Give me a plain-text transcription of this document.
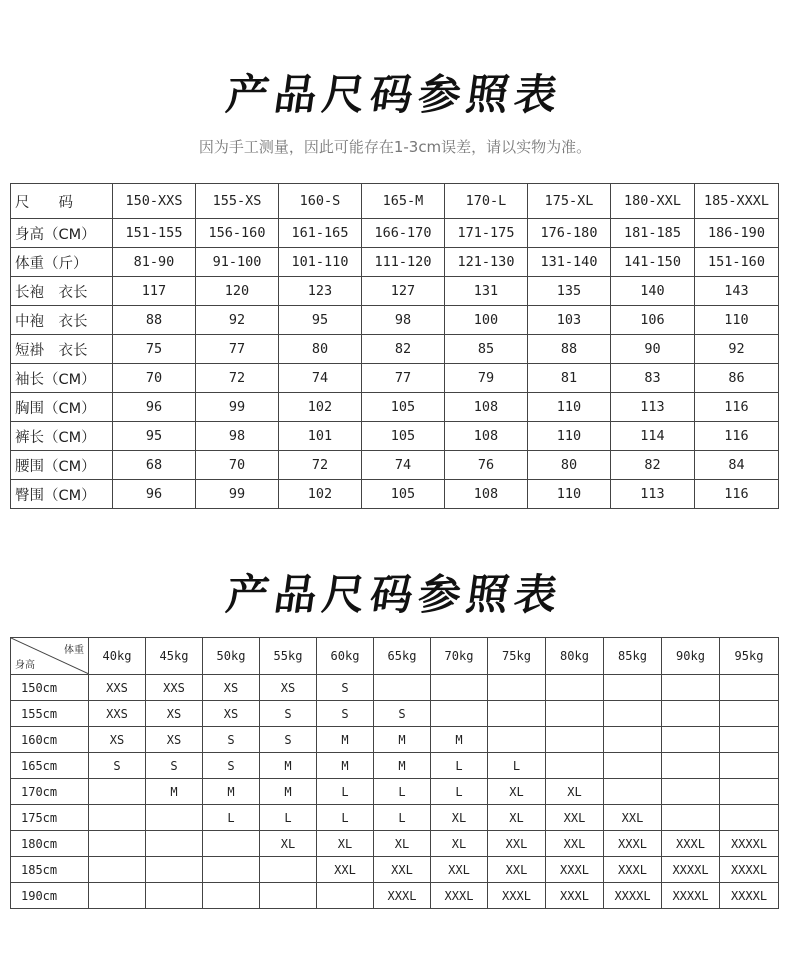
产品尺码参照表
因为手工测量，因此可能存在1-3cm误差，请以实物为准。
尺　　码	150-XXS	155-XS	160-S	165-M	170-L	175-XL	180-XXL	185-XXXL
身高（CM）	151-155	156-160	161-165	166-170	171-175	176-180	181-185	186-190
体重（斤）	81-90	91-100	101-110	111-120	121-130	131-140	141-150	151-160
长袍　衣长	117	120	123	127	131	135	140	143
中袍　衣长	88	92	95	98	100	103	106	110
短褂　衣长	75	77	80	82	85	88	90	92
袖长（CM）	70	72	74	77	79	81	83	86
胸围（CM）	96	99	102	105	108	110	113	116
裤长（CM）	95	98	101	105	108	110	114	116
腰围（CM）	68	70	72	74	76	80	82	84
臀围（CM）	96	99	102	105	108	110	113	116
产品尺码参照表
体重
身高	40kg	45kg	50kg	55kg	60kg	65kg	70kg	75kg	80kg	85kg	90kg	95kg
150cm	XXS	XXS	XS	XS	S							
155cm	XXS	XS	XS	S	S	S						
160cm	XS	XS	S	S	M	M	M					
165cm	S	S	S	M	M	M	L	L				
170cm		M	M	M	L	L	L	XL	XL			
175cm			L	L	L	L	XL	XL	XXL	XXL		
180cm				XL	XL	XL	XL	XXL	XXL	XXXL	XXXL	XXXXL
185cm					XXL	XXL	XXL	XXL	XXXL	XXXL	XXXXL	XXXXL
190cm						XXXL	XXXL	XXXL	XXXL	XXXXL	XXXXL	XXXXL
